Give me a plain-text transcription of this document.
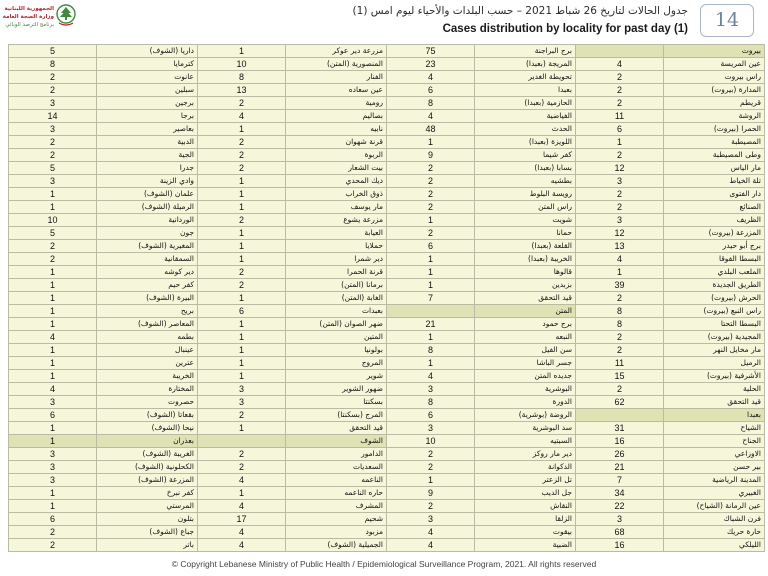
الجمهورية اللبنانية
وزارة الصحة العامة
برنامج الترصد الوبائي
جدول الحالات لتاريخ 26 شباط 2021 – حسب البلدات والأحياء ليوم امس (1)
Cases distribution by locality for past day (1)	14
5	داريا (الشوف)	1	مزرعة دير عوكر	75	برج البراجنة		بيروت
8	كترمايا	10	المنصورية (المتن)	23	المريجة (بعبدا)	4	عين المريسة
2	عانوت	8	الفنار	4	تحويطة الغدير	2	راس بيروت
2	سبلين	13	عين سعاده	6	بعبدا	2	المدارة (بيروت)
3	برجين	2	رومية	8	الحازمية (بعبدا)	2	قريطم
14	برجا	4	بصاليم	4	الفياضية	11	الروشة
3	بعاصير	1	نابيه	48	الحدث	6	الحمرا (بيروت)
2	الدبية	2	قرنة شهوان	1	اللويزة (بعبدا)	1	المصيطبة
2	الجية	2	الربوة	9	كفر شيما	2	وطى المصيطبة
5	جدرا	2	بيت الشعار	2	بسابا (بعبدا)	12	مار الياس
3	وادي الزينة	1	ديك المحدي	2	بطشيه	3	تلة الخياط
1	علمان (الشوف)	1	ذوق الخراب	2	رويسة البلوط	2	دار الفتوى
1	الرميلة (الشوف)	1	مار يوسف	2	راس المتن	2	الصنائع
10	الوردانية	2	مزرعة يشوع	1	شويت	3	الظريف
5	جون	1	العيابة	2	حمانا	12	المزرعة (بيروت)
2	المغيرية (الشوف)	1	حملايا	6	القلعة (بعبدا)	13	برج أبو حيدر
2	السمقانية	1	دير شمرا	1	الخريبة (بعبدا)	4	البسطا الفوقا
1	دير كوشه	2	قرنة الحمرا	1	قالوها	1	الملعب البلدي
1	كفر حيم	2	برمانا (المتن)	1	بزبدين	39	الطريق الجديدة
1	البيرة (الشوف)	1	الغابة (المتن)	7	قيد التحقق	2	الحرش (بيروت)
1	بريح	6	بعبدات		المتن	8	راس النبع (بيروت)
1	المعاصر (الشوف)	1	ضهر الصوان (المتن)	21	برج حمود	8	البسطا التحتا
4	بطمه	1	المتين	1	النبعه	2	المجيدية (بيروت)
1	عينبال	1	بولونيا	8	سن الفيل	2	مار مخايل النهر
1	عترين	1	المروج	1	جسر الباشا	11	الرميل
1	الخريبة	1	شوير	4	جديده المتن	15	الأشرفية (بيروت)
4	المختارة	3	ضهور الشوير	3	البوشرية	2	الحلية
3	حصروت	3	بسكنتا	8	الدورة	62	قيد التحقق
6	بقعاتا (الشوف)	2	المرج (بسكنتا)	6	الروضة (بوشرية)		بعبدا
1	نيحا (الشوف)	1	قيد التحقق	3	سد البوشرية	31	الشياح
1	بعذران		الشوف	10	السبتيه	16	الجناح
3	الغريبة (الشوف)	2	الدامور	2	دير مار روكز	26	الاوزاعي
3	الكحلونية (الشوف)	2	السعديات	2	الدكوانة	21	بير حسن
3	المزرعة (الشوف)	4	الناعمه	1	تل الزعتر	7	المدينة الرياضية
1	كفر نبرخ	1	حاره الناعمه	9	جل الديب	34	الغبيري
1	المرستي	4	المشرف	2	النقاش	22	عين الرمانة (الشياح)
6	بتلون	17	شحيم	3	الزلقا	3	فرن الشباك
2	جباع (الشوف)	4	مزبود	4	بيقوت	68	حارة حريك
2	باتر	4	الجميلية (الشوف)	4	الضبية	16	الليلكي
© Copyright Lebanese Ministry of Public Health / Epidemiological Surveillance Program, 2021. All rights reserved
